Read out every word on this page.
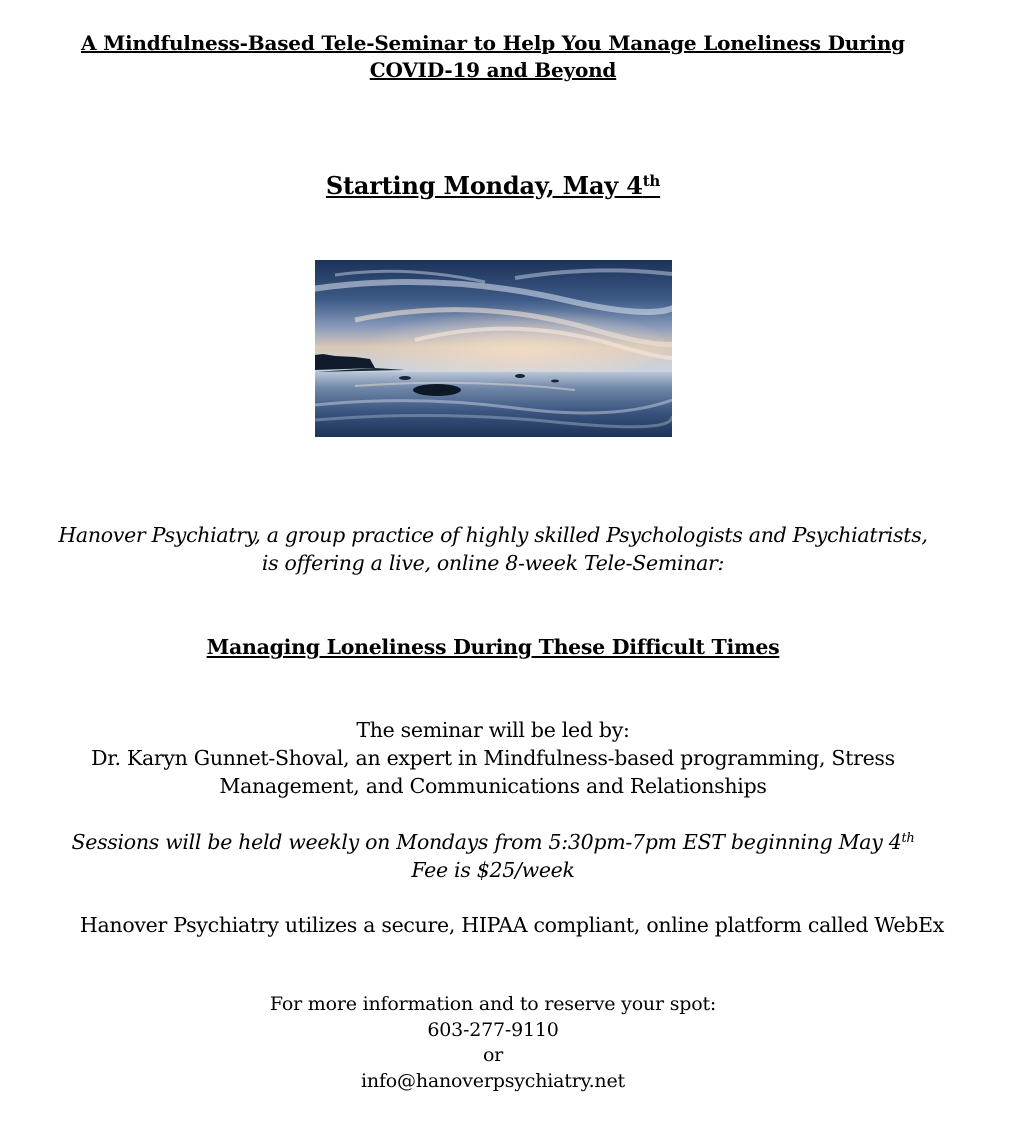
A Mindfulness-Based Tele-Seminar to Help You Manage Loneliness During
COVID-19 and Beyond
Starting Monday, May 4th
Hanover Psychiatry, a group practice of highly skilled Psychologists and Psychiatrists,
is offering a live, online 8-week Tele-Seminar:
Managing Loneliness During These Difficult Times
The seminar will be led by:
Dr. Karyn Gunnet-Shoval, an expert in Mindfulness-based programming, Stress
Management, and Communications and Relationships
Sessions will be held weekly on Mondays from 5:30pm-7pm EST beginning May 4th
Fee is $25/week
Hanover Psychiatry utilizes a secure, HIPAA compliant, online platform called WebEx
For more information and to reserve your spot:
603-277-9110
or
info@hanoverpsychiatry.net
